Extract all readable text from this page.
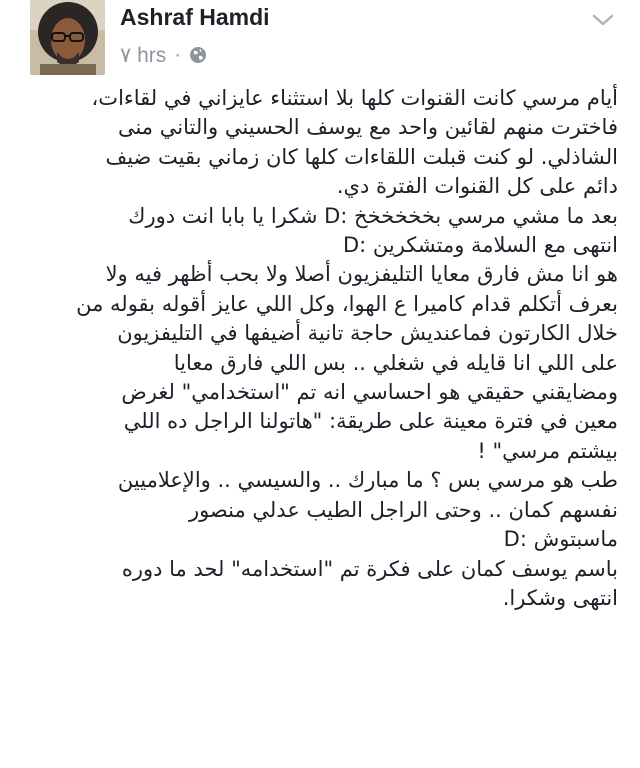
Ashraf Hamdi
٧ hrs ·

أيام مرسي كانت القنوات كلها بلا استثناء عايزاني في لقاءات،

فاخترت منهم لقائين واحد مع يوسف الحسيني والتاني منى

الشاذلي. لو كنت قبلت اللقاءات كلها كان زماني بقيت ضيف

دائم على كل القنوات الفترة دي.

بعد ما مشي مرسي بخخخخخخ :D شكرا يا بابا انت دورك

انتهى مع السلامة ومتشكرين :D

هو انا مش فارق معايا التليفزيون أصلا ولا بحب أظهر فيه ولا

بعرف أتكلم قدام كاميرا ع الهوا، وكل اللي عايز أقوله بقوله من

خلال الكارتون فماعنديش حاجة تانية أضيفها في التليفزيون

على اللي انا قايله في شغلي .. بس اللي فارق معايا

ومضايقني حقيقي هو احساسي انه تم "استخدامي" لغرض

معين في فترة معينة على طريقة: "هاتولنا الراجل ده اللي

بيشتم مرسي" !

طب هو مرسي بس ؟ ما مبارك .. والسيسي .. والإعلاميين

نفسهم كمان .. وحتى الراجل الطيب عدلي منصور

ماسبتوش :D

باسم يوسف كمان على فكرة تم "استخدامه" لحد ما دوره

انتهى وشكرا.
